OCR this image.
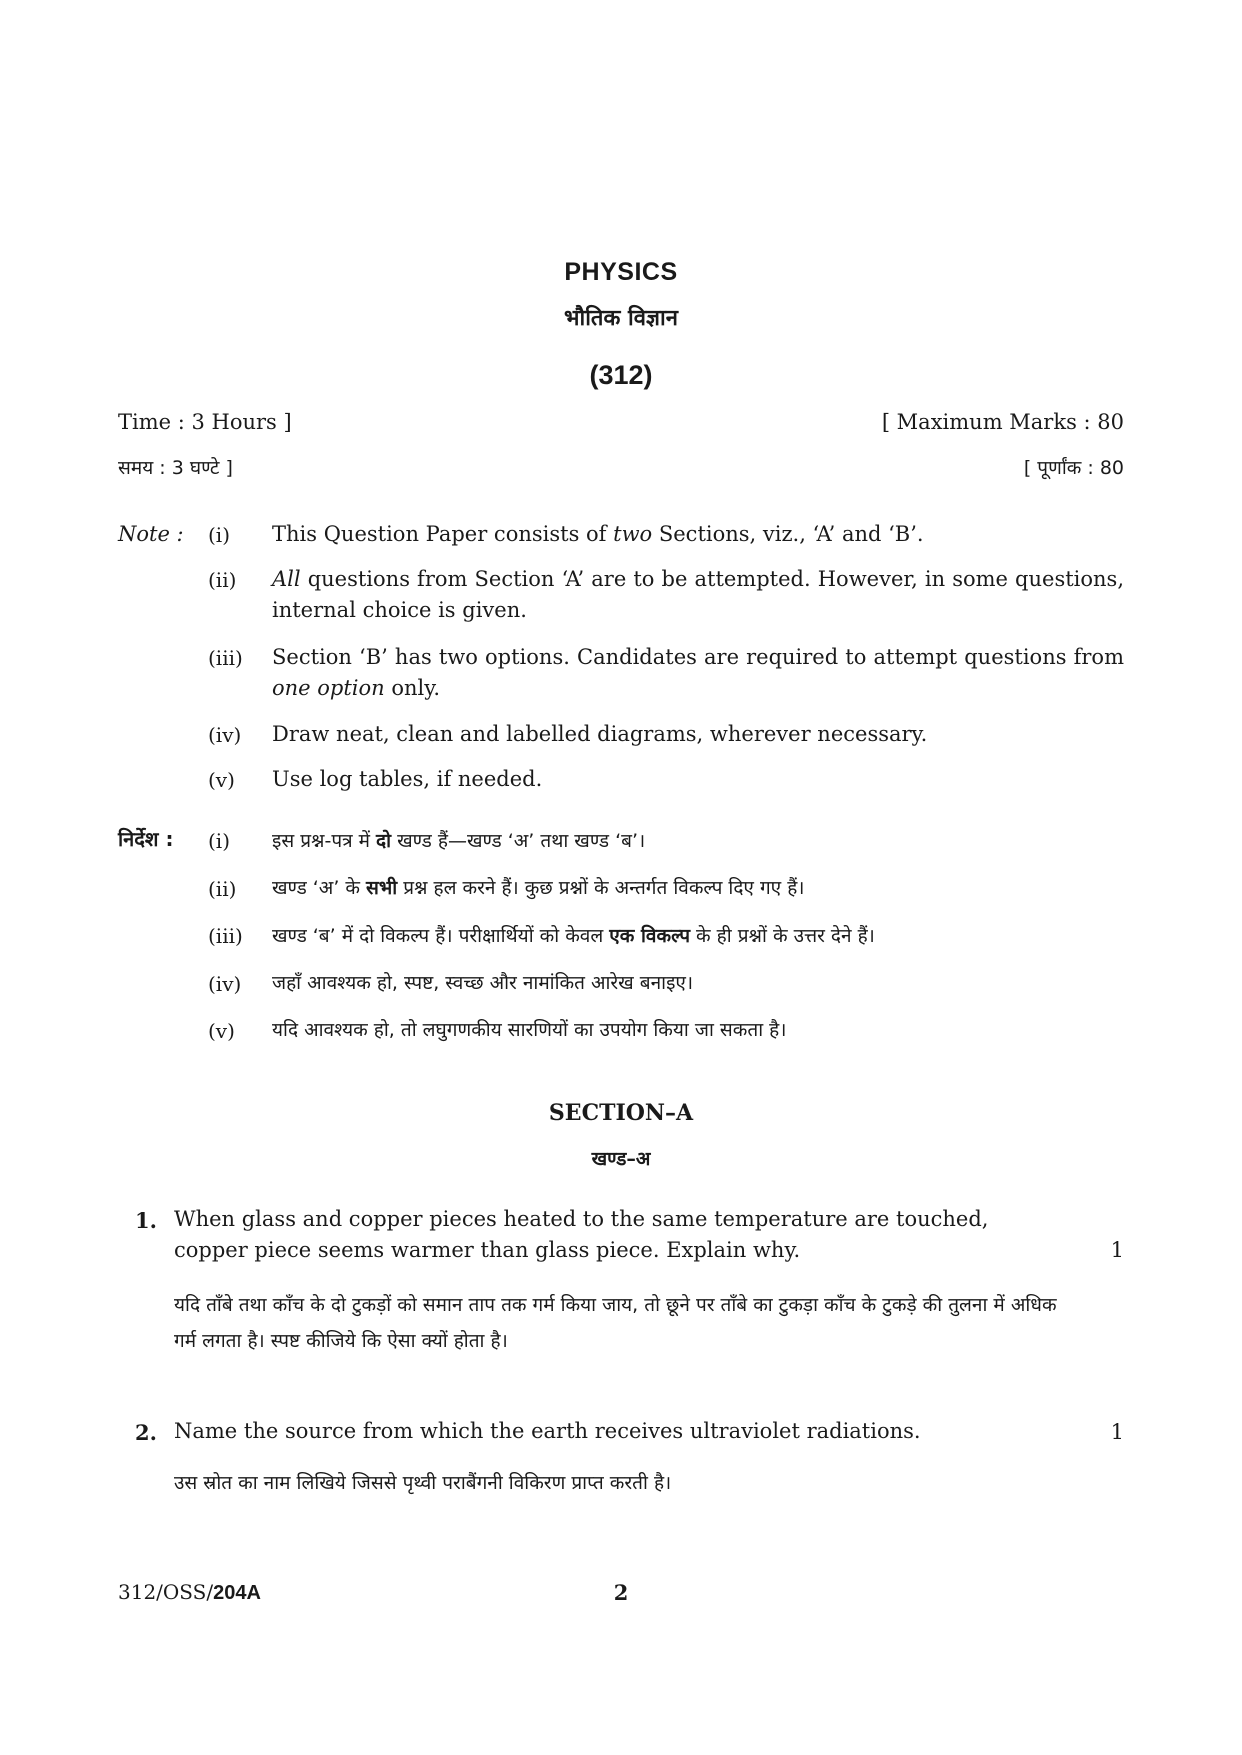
PHYSICS
भौतिक विज्ञान
(312)
Time : 3 Hours ]	[ Maximum Marks : 80
समय : 3 घण्टे ]	[ पूर्णांक : 80
Note : (i) This Question Paper consists of two Sections, viz., ‘A’ and ‘B’.
(ii) All questions from Section ‘A’ are to be attempted. However, in some questions, internal choice is given.
(iii) Section ‘B’ has two options. Candidates are required to attempt questions from one option only.
(iv) Draw neat, clean and labelled diagrams, wherever necessary.
(v) Use log tables, if needed.
निर्देश : (i) इस प्रश्न-पत्र में दो खण्ड हैं—खण्ड ‘अ’ तथा खण्ड ‘ब’।
(ii) खण्ड ‘अ’ के सभी प्रश्न हल करने हैं। कुछ प्रश्नों के अन्तर्गत विकल्प दिए गए हैं।
(iii) खण्ड ‘ब’ में दो विकल्प हैं। परीक्षार्थियों को केवल एक विकल्प के ही प्रश्नों के उत्तर देने हैं।
(iv) जहाँ आवश्यक हो, स्पष्ट, स्वच्छ और नामांकित आरेख बनाइए।
(v) यदि आवश्यक हो, तो लघुगणकीय सारणियों का उपयोग किया जा सकता है।
SECTION–A
खण्ड–अ
1. When glass and copper pieces heated to the same temperature are touched, copper piece seems warmer than glass piece. Explain why.	1
यदि ताँबे तथा काँच के दो टुकड़ों को समान ताप तक गर्म किया जाय, तो छूने पर ताँबे का टुकड़ा काँच के टुकड़े की तुलना में अधिक गर्म लगता है। स्पष्ट कीजिये कि ऐसा क्यों होता है।
2. Name the source from which the earth receives ultraviolet radiations.	1
उस स्रोत का नाम लिखिये जिससे पृथ्वी पराबैंगनी विकिरण प्राप्त करती है।
312/OSS/204A	2
